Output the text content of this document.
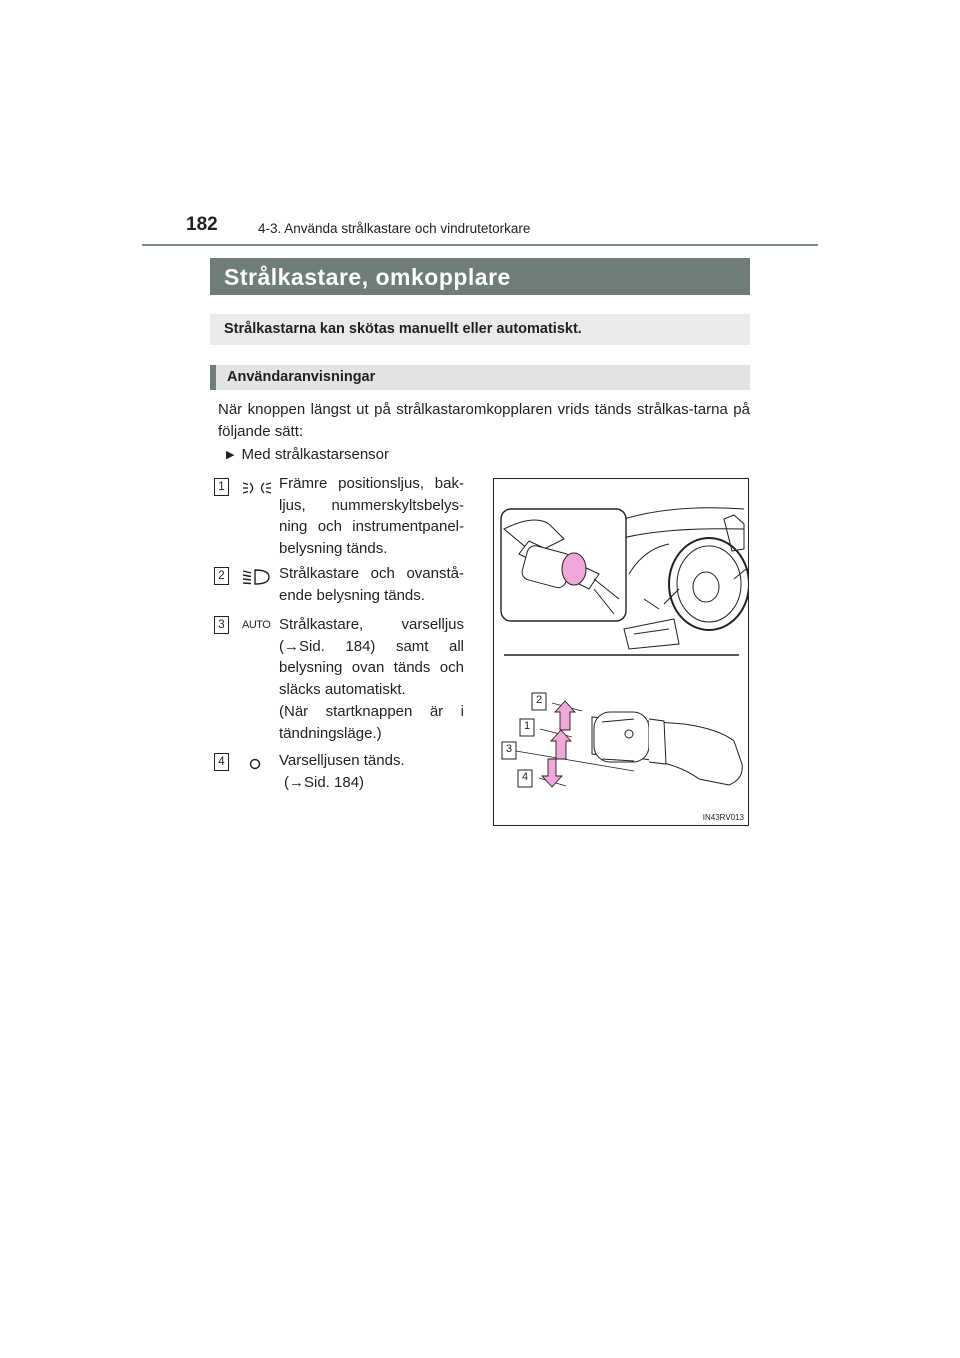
182	4-3. Använda strålkastare och vindrutetorkare
Strålkastare, omkopplare
Strålkastarna kan skötas manuellt eller automatiskt.
Användaranvisningar
När knoppen längst ut på strålkastaromkopplaren vrids tänds strålkas-tarna på följande sätt:
▶ Med strålkastarsensor
1	Främre positionsljus, bak-
ljus, nummerskyltsbelys-
ning och instrumentpanel-
belysning tänds.
2	Strålkastare och ovanstå-
ende belysning tänds.
3	AUTO Strålkastare, varselljus
(→Sid. 184) samt all
belysning ovan tänds och
släcks automatiskt.
(När startknappen är i
tändningsläge.)
4	Varselljusen tänds.
(→Sid. 184)
2
1
3
4
IN43RV013
